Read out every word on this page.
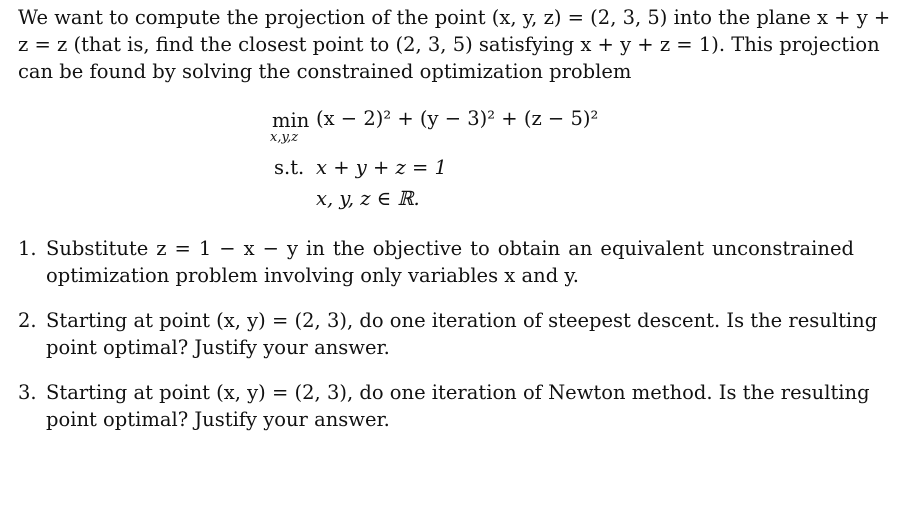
We want to compute the projection of the point (x, y, z) = (2, 3, 5) into the plane x + y +
z = z (that is, find the closest point to (2, 3, 5) satisfying x + y + z = 1). This projection
can be found by solving the constrained optimization problem
min
x,y,z
(x − 2)² + (y − 3)² + (z − 5)²
s.t. x + y + z = 1
x, y, z ∈ ℝ.
1. Substitute z = 1 − x − y in the objective to obtain an equivalent unconstrained
optimization problem involving only variables x and y.
2. Starting at point (x, y) = (2, 3), do one iteration of steepest descent. Is the resulting
point optimal? Justify your answer.
3. Starting at point (x, y) = (2, 3), do one iteration of Newton method. Is the resulting
point optimal? Justify your answer.
